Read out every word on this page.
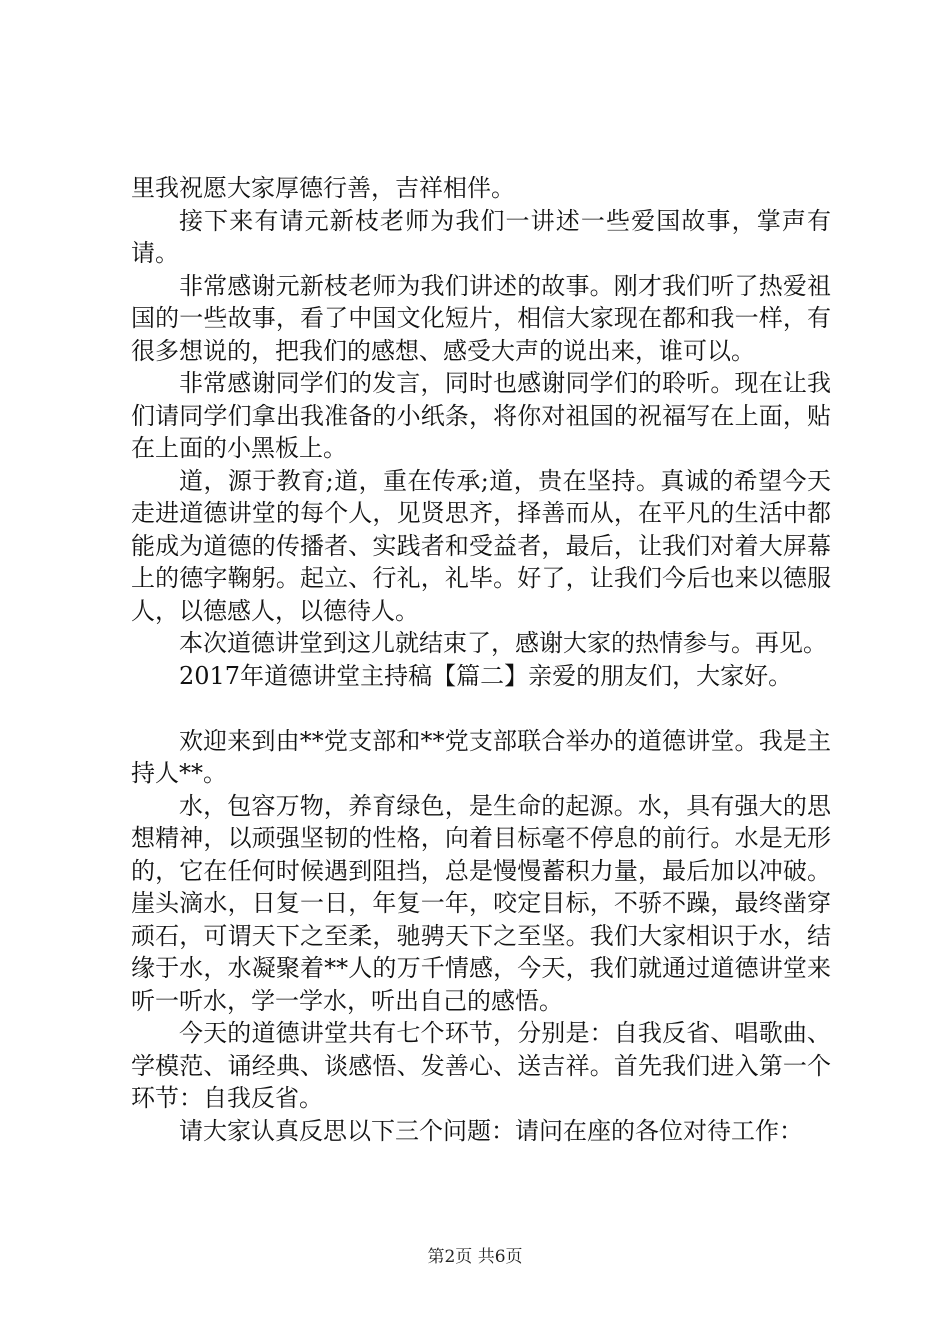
里我祝愿大家厚德行善，吉祥相伴。

接下来有请元新枝老师为我们一讲述一些爱国故事，掌声有请。

非常感谢元新枝老师为我们讲述的故事。刚才我们听了热爱祖国的一些故事，看了中国文化短片，相信大家现在都和我一样，有很多想说的，把我们的感想、感受大声的说出来，谁可以。

非常感谢同学们的发言，同时也感谢同学们的聆听。现在让我们请同学们拿出我准备的小纸条，将你对祖国的祝福写在上面，贴在上面的小黑板上。

道，源于教育;道，重在传承;道，贵在坚持。真诚的希望今天走进道德讲堂的每个人，见贤思齐，择善而从，在平凡的生活中都能成为道德的传播者、实践者和受益者，最后，让我们对着大屏幕上的德字鞠躬。起立、行礼，礼毕。好了，让我们今后也来以德服人，以德感人，以德待人。

本次道德讲堂到这儿就结束了，感谢大家的热情参与。再见。

2017年道德讲堂主持稿【篇二】亲爱的朋友们，大家好。

欢迎来到由**党支部和**党支部联合举办的道德讲堂。我是主持人**。

水，包容万物，养育绿色，是生命的起源。水，具有强大的思想精神，以顽强坚韧的性格，向着目标毫不停息的前行。水是无形的，它在任何时候遇到阻挡，总是慢慢蓄积力量，最后加以冲破。崖头滴水，日复一日，年复一年，咬定目标，不骄不躁，最终凿穿顽石，可谓天下之至柔，驰骋天下之至坚。我们大家相识于水，结缘于水，水凝聚着**人的万千情感，今天，我们就通过道德讲堂来听一听水，学一学水，听出自己的感悟。

今天的道德讲堂共有七个环节，分别是：自我反省、唱歌曲、学模范、诵经典、谈感悟、发善心、送吉祥。首先我们进入第一个环节：自我反省。

请大家认真反思以下三个问题：请问在座的各位对待工作：

第2页 共6页
